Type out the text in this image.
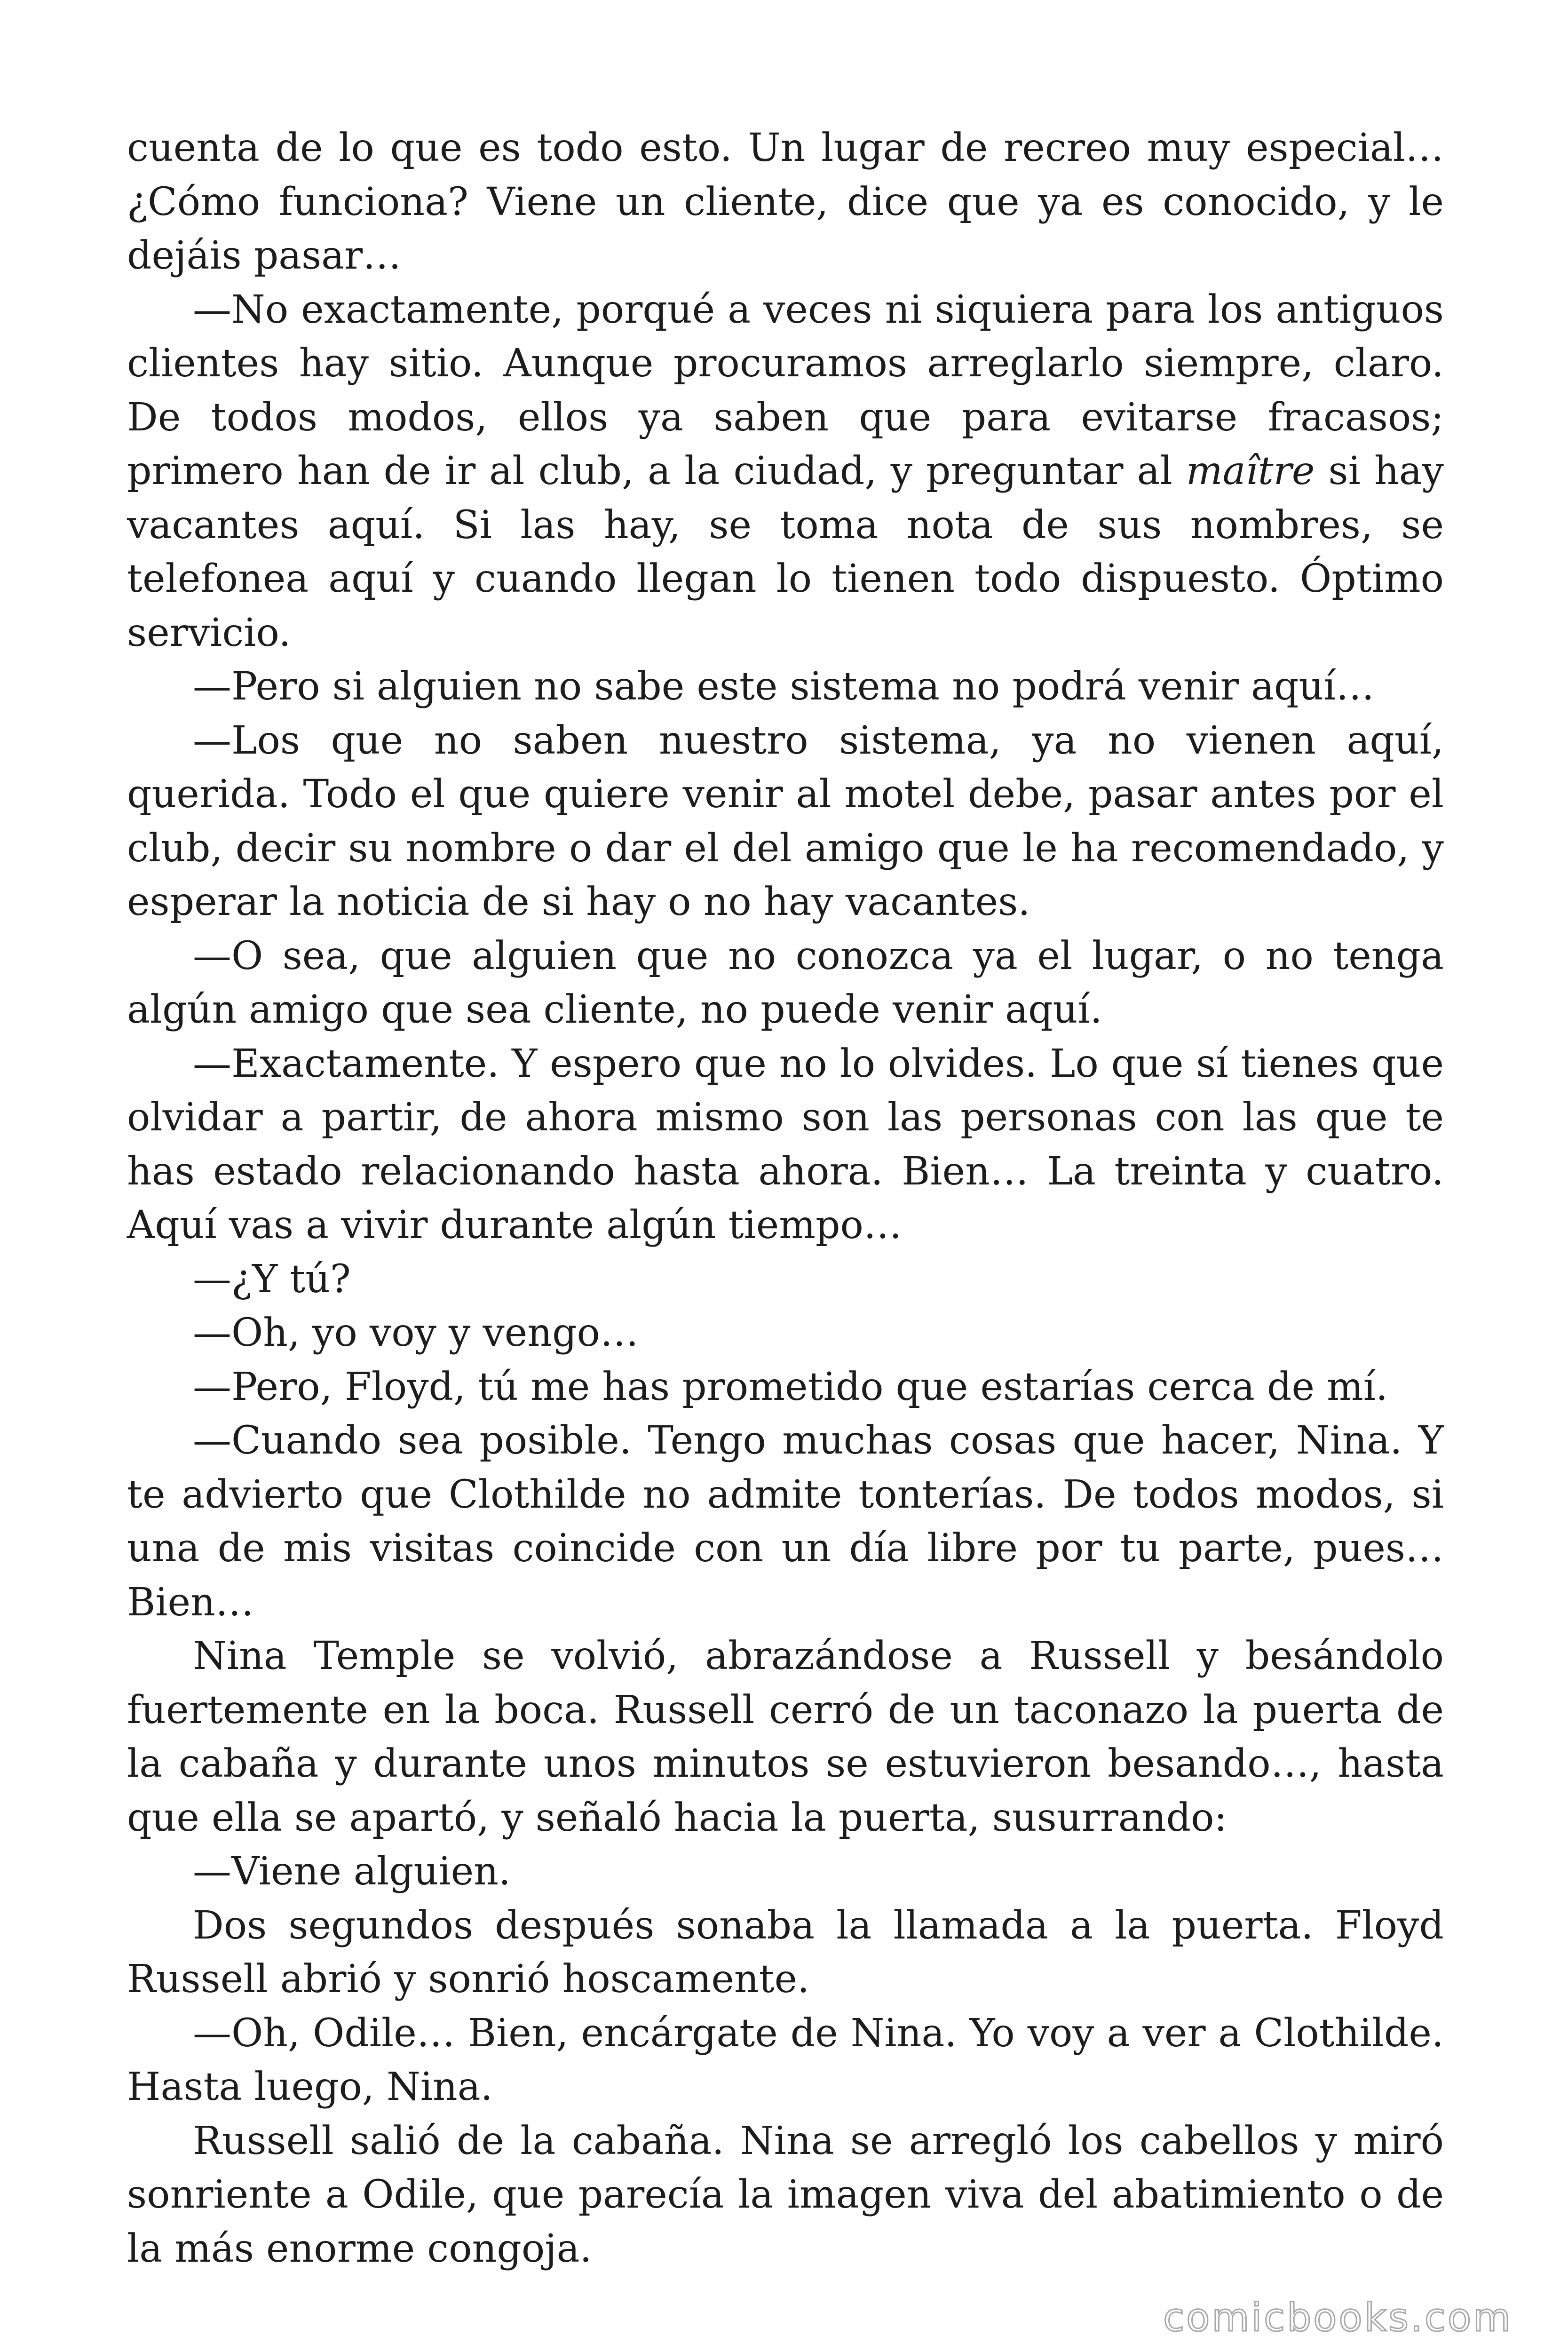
cuenta de lo que es todo esto. Un lugar de recreo muy especial… ¿Cómo funciona? Viene un cliente, dice que ya es conocido, y le dejáis pasar…

—No exactamente, porqué a veces ni siquiera para los antiguos clientes hay sitio. Aunque procuramos arreglarlo siempre, claro. De todos modos, ellos ya saben que para evitarse fracasos; primero han de ir al club, a la ciudad, y preguntar al maître si hay vacantes aquí. Si las hay, se toma nota de sus nombres, se telefonea aquí y cuando llegan lo tienen todo dispuesto. Óptimo servicio.

—Pero si alguien no sabe este sistema no podrá venir aquí…

—Los que no saben nuestro sistema, ya no vienen aquí, querida. Todo el que quiere venir al motel debe, pasar antes por el club, decir su nombre o dar el del amigo que le ha recomendado, y esperar la noticia de si hay o no hay vacantes.

—O sea, que alguien que no conozca ya el lugar, o no tenga algún amigo que sea cliente, no puede venir aquí.

—Exactamente. Y espero que no lo olvides. Lo que sí tienes que olvidar a partir, de ahora mismo son las personas con las que te has estado relacionando hasta ahora. Bien… La treinta y cuatro. Aquí vas a vivir durante algún tiempo…

—¿Y tú?

—Oh, yo voy y vengo…

—Pero, Floyd, tú me has prometido que estarías cerca de mí.

—Cuando sea posible. Tengo muchas cosas que hacer, Nina. Y te advierto que Clothilde no admite tonterías. De todos modos, si una de mis visitas coincide con un día libre por tu parte, pues… Bien…

Nina Temple se volvió, abrazándose a Russell y besándolo fuertemente en la boca. Russell cerró de un taconazo la puerta de la cabaña y durante unos minutos se estuvieron besando…, hasta que ella se apartó, y señaló hacia la puerta, susurrando:

—Viene alguien.

Dos segundos después sonaba la llamada a la puerta. Floyd Russell abrió y sonrió hoscamente.

—Oh, Odile… Bien, encárgate de Nina. Yo voy a ver a Clothilde. Hasta luego, Nina.

Russell salió de la cabaña. Nina se arregló los cabellos y miró sonriente a Odile, que parecía la imagen viva del abatimiento o de la más enorme congoja.

comicbooks.com
